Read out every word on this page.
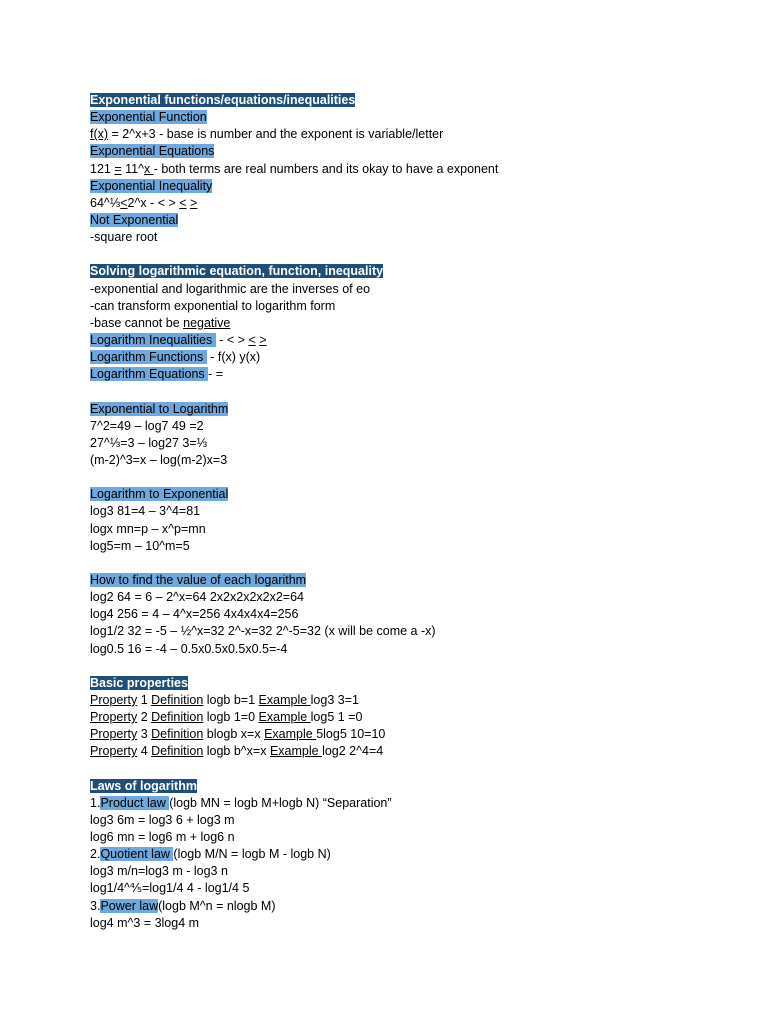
Exponential functions/equations/inequalities
Exponential Function
f(x) = 2^x+3 - base is number and the exponent is variable/letter
Exponential Equations
121 = 11^x - both terms are real numbers and its okay to have a exponent
Exponential Inequality
64^⅓<2^x - < > < >
Not Exponential
-square root
Solving logarithmic equation, function, inequality
-exponential and logarithmic are the inverses of eo
-can transform exponential to logarithm form
-base cannot be negative
Logarithm Inequalities  - < > < >
Logarithm Functions  - f(x) y(x)
Logarithm Equations - =
Exponential to Logarithm
7^2=49 – log7 49 =2
27^⅓=3 – log27 3=⅓
(m-2)^3=x – log(m-2)x=3
Logarithm to Exponential
log3 81=4 – 3^4=81
logx mn=p – x^p=mn
log5=m – 10^m=5
How to find the value of each logarithm
log2 64 = 6 – 2^x=64 2x2x2x2x2x2=64
log4 256 = 4 – 4^x=256 4x4x4x4=256
log1/2 32 = -5 – ½^x=32 2^-x=32 2^-5=32 (x will be come a -x)
log0.5 16 = -4 – 0.5x0.5x0.5x0.5=-4
Basic properties
Property 1 Definition logb b=1 Example log3 3=1
Property 2 Definition logb 1=0 Example log5 1 =0
Property 3 Definition blogb x=x Example 5log5 10=10
Property 4 Definition logb b^x=x Example log2 2^4=4
Laws of logarithm
1.Product law (logb MN = logb M+logb N) “Separation”
log3 6m = log3 6 + log3 m
log6 mn = log6 m + log6 n
2.Quotient law (logb M/N = logb M - logb N)
log3 m/n=log3 m - log3 n
log1/4^⅘=log1/4 4 - log1/4 5
3.Power law(logb M^n = nlogb M)
log4 m^3 = 3log4 m
